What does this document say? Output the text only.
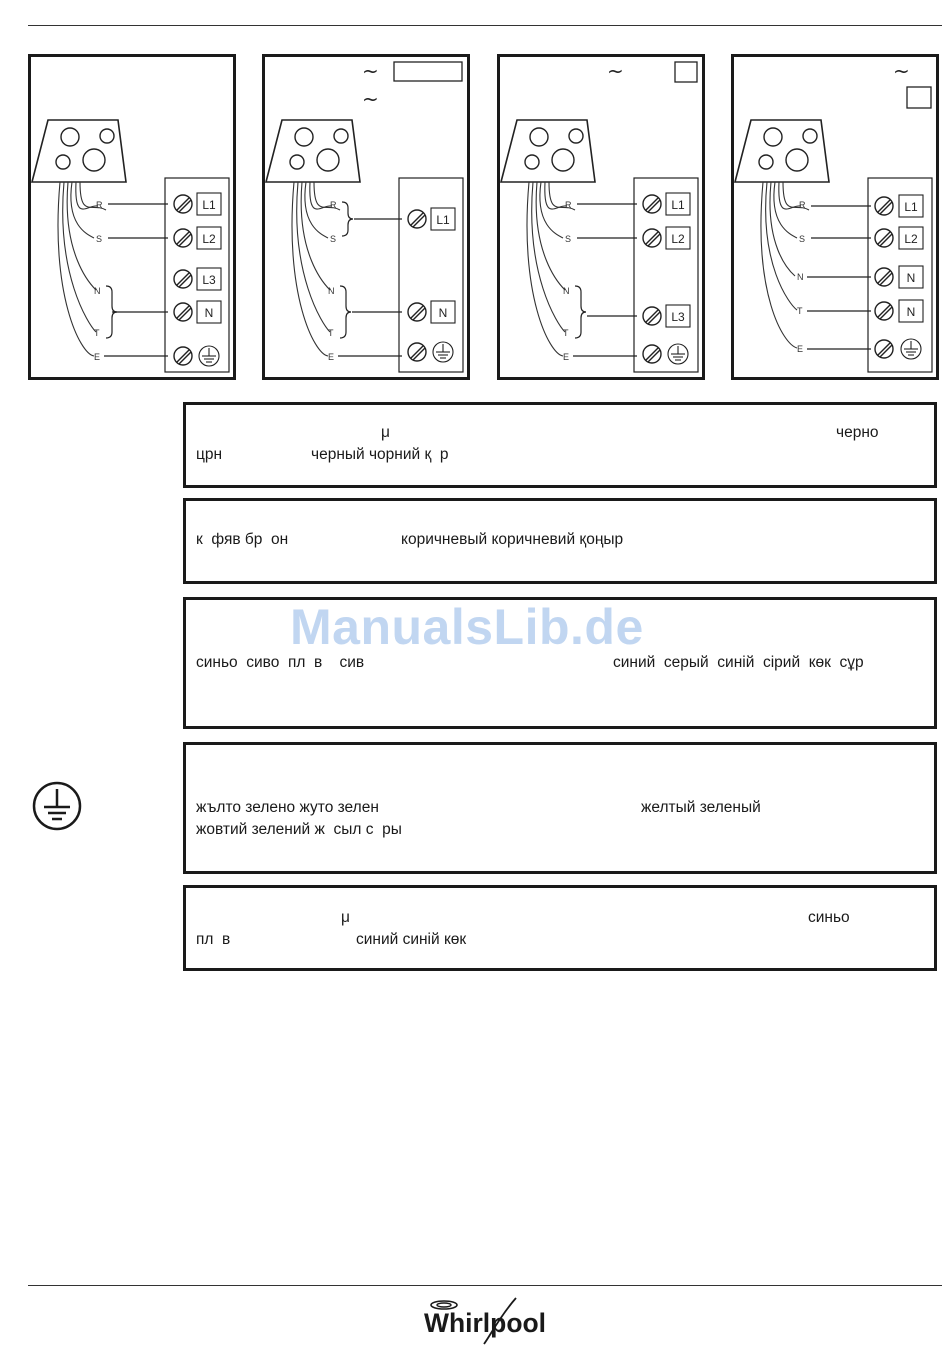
R
S
N
T
E
L1
L2
L3
N
~
~
R
S
N
T
E
L1
N
~
R
S
N
T
E
L1
L2
L3
~
R
S
N
T
E
L1
L2
N
N
μ	черно
црн	черный чорний қ  р
к  фяв бр  он	коричневый коричневий қоңыр
синьо  сиво  пл  в    сив	синий  серый  синій  сірий  көк  сұр
ManualsLib.de
жълто зелено жуто зелен	желтый зеленый
жовтий зелений ж  сыл с  ры
μ	синьо
пл  в	синий синій көк
Whirlpool
